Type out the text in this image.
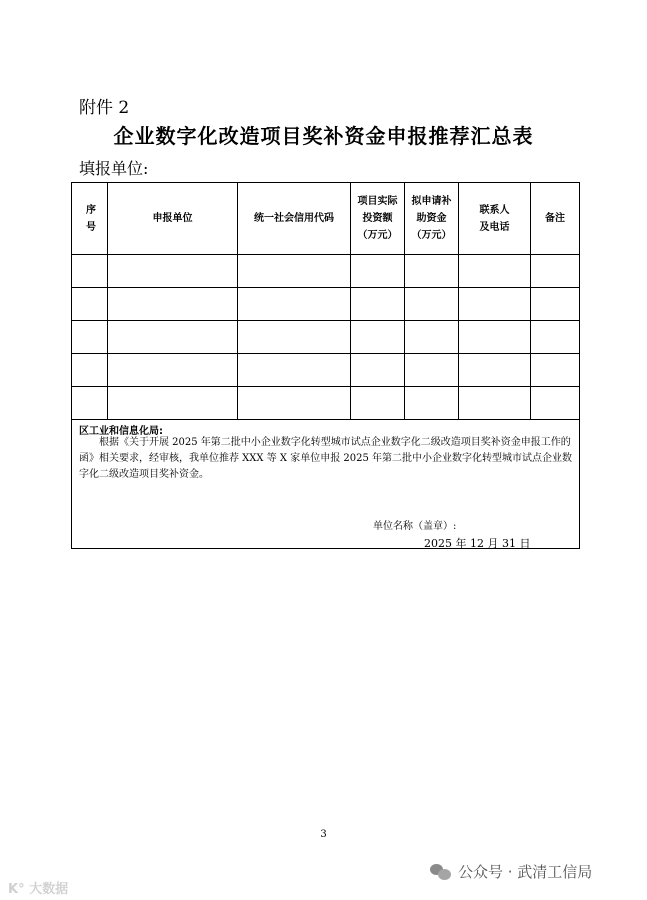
附件 2
企业数字化改造项目奖补资金申报推荐汇总表
填报单位:
序号	申报单位	统一社会信用代码	项目实际投资额（万元）	拟申请补助资金（万元）	联系人及电话	备注

区工业和信息化局:
根据《关于开展 2025 年第二批中小企业数字化转型城市试点企业数字化二级改造项目奖补资金申报工作的函》相关要求，经审核，我单位推荐 XXX 等 X 家单位申报 2025 年第二批中小企业数字化转型城市试点企业数字化二级改造项目奖补资金。
单位名称（盖章）:
2025 年 12 月 31 日						
3
公众号 · 武清工信局
K° 大数据
